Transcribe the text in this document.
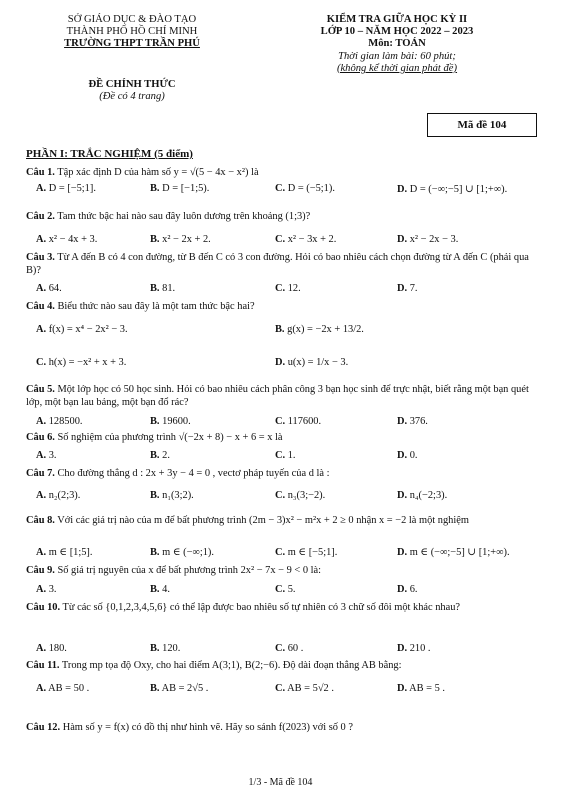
SỞ GIÁO DỤC & ĐÀO TẠO
THÀNH PHỐ HỒ CHÍ MINH
TRƯỜNG THPT TRẦN PHÚ
ĐỀ CHÍNH THỨC
(Đề có 4 trang)
KIỂM TRA GIỮA HỌC KỲ II
LỚP 10 – NĂM HỌC 2022 – 2023
Môn: TOÁN
Thời gian làm bài: 60 phút;
(không kể thời gian phát đề)
Mã đề 104
PHẦN I: TRẮC NGHIỆM (5 điểm)
Câu 1. Tập xác định D của hàm số y = √(5 − 4x − x²) là
A. D = [−5;1].	B. D = [−1;5).	C. D = (−5;1).	D. D = (−∞;−5] ∪ [1;+∞).
Câu 2. Tam thức bậc hai nào sau đây luôn dương trên khoảng (1;3)?
A. x² − 4x + 3.	B. x² − 2x + 2.	C. x² − 3x + 2.	D. x² − 2x − 3.
Câu 3. Từ A đến B có 4 con đường, từ B đến C có 3 con đường. Hỏi có bao nhiêu cách chọn đường từ A đến C (phải qua B)?
A. 64.	B. 81.	C. 12.	D. 7.
Câu 4. Biểu thức nào sau đây là một tam thức bậc hai?
A. f(x) = x⁴ − 2x² − 3.	B. g(x) = −2x + 13/2.
C. h(x) = −x² + x + 3.	D. u(x) = 1/x − 3.
Câu 5. Một lớp học có 50 học sinh. Hỏi có bao nhiêu cách phân công 3 bạn học sinh để trực nhật, biết rằng một bạn quét lớp, một bạn lau bảng, một bạn đổ rác?
A. 128500.	B. 19600.	C. 117600.	D. 376.
Câu 6. Số nghiệm của phương trình √(−2x + 8) − x + 6 = x là
A. 3.	B. 2.	C. 1.	D. 0.
Câu 7. Cho đường thẳng d : 2x + 3y − 4 = 0 , vectơ pháp tuyến của d là :
A. n₂(2;3).	B. n₁(3;2).	C. n₃(3;−2).	D. n₄(−2;3).
Câu 8. Với các giá trị nào của m để bất phương trình (2m − 3)x² − m²x + 2 ≥ 0 nhận x = −2 là một nghiệm
A. m ∈ [1;5].	B. m ∈ (−∞;1).	C. m ∈ [−5;1].	D. m ∈ (−∞;−5] ∪ [1;+∞).
Câu 9. Số giá trị nguyên của x để bất phương trình 2x² − 7x − 9 < 0 là:
A. 3.	B. 4.	C. 5.	D. 6.
Câu 10. Từ các số {0,1,2,3,4,5,6} có thể lập được bao nhiêu số tự nhiên có 3 chữ số đôi một khác nhau?
A. 180.	B. 120.	C. 60 .	D. 210 .
Câu 11. Trong mp tọa độ Oxy, cho hai điểm A(3;1), B(2;−6). Độ dài đoạn thẳng AB bằng:
A. AB = 50 .	B. AB = 2√5 .	C. AB = 5√2 .	D. AB = 5 .
Câu 12. Hàm số y = f(x) có đồ thị như hình vẽ. Hãy so sánh f(2023) với số 0 ?
1/3 - Mã đề 104
